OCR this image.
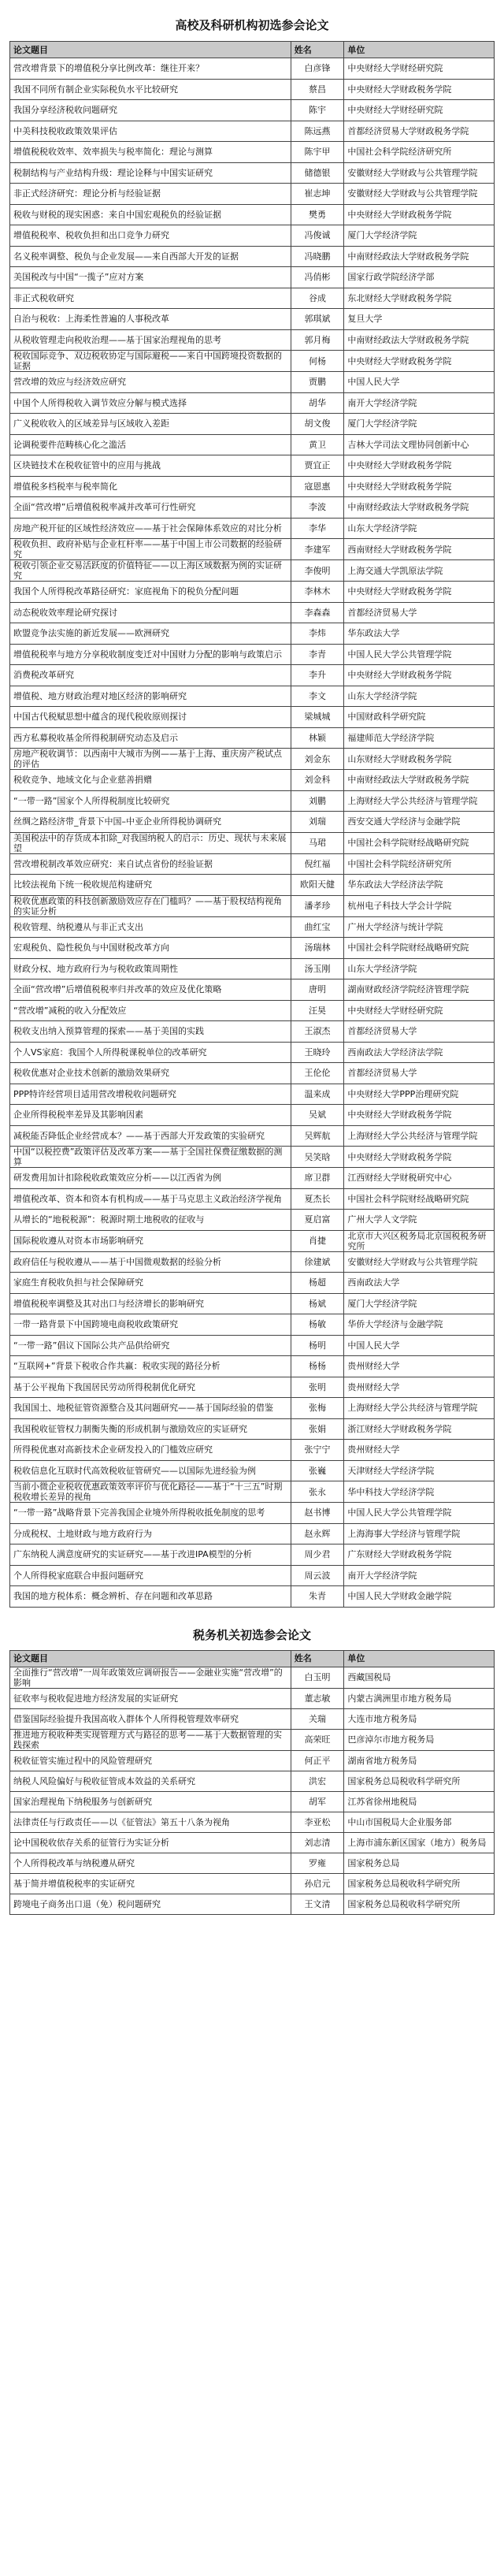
高校及科研机构初选参会论文
论文题目	姓名	单位
营改增背景下的增值税分享比例改革：继往开来？	白彦锋	中央财经大学财经研究院
我国不同所有制企业实际税负水平比较研究	蔡昌	中央财经大学财政税务学院
我国分享经济税收问题研究	陈宇	中央财经大学财经研究院
中美科技税收政策效果评估	陈远燕	首都经济贸易大学财政税务学院
增值税税收效率、效率损失与税率简化：理论与测算	陈宇甲	中国社会科学院经济研究所
税制结构与产业结构升级：理论诠释与中国实证研究	储德银	安徽财经大学财政与公共管理学院
非正式经济研究：理论分析与经验证据	崔志坤	安徽财经大学财政与公共管理学院
税收与财税的现实困惑：来自中国宏观税负的经验证据	樊勇	中央财经大学财政税务学院
增值税税率、税收负担和出口竞争力研究	冯俊诚	厦门大学经济学院
名义税率调整、税负与企业发展——来自西部大开发的证据	冯晓鹏	中南财经政法大学财政税务学院
美国税改与中国“一揽子”应对方案	冯俏彬	国家行政学院经济学部
非正式税收研究	谷成	东北财经大学财政税务学院
自治与税收：上海柔性普遍的人事税改革	郭琪斌	复旦大学
从税收管理走向税收治理——基于国家治理视角的思考	郭月梅	中南财经政法大学财政税务学院
税收国际竞争、双边税收协定与国际避税——来自中国跨境投资数据的证据	何杨	中央财经大学财政税务学院
营改增的效应与经济效应研究	贾鹏	中国人民大学
中国个人所得税收入调节效应分解与模式选择	胡华	南开大学经济学院
广义税收收入的区域差异与区域收入差距	胡文俊	厦门大学经济学院
论调税要件范畴核心化之滥活	黄卫	吉林大学司法文理协同创新中心
区块链技术在税收征管中的应用与挑战	贾宜正	中央财经大学财政税务学院
增值税多档税率与税率简化	寇恩惠	中央财经大学财政税务学院
全面“营改增”后增值税税率减并改革可行性研究	李波	中南财经政法大学财政税务学院
房地产税开征的区域性经济效应——基于社会保障体系效应的对比分析	李华	山东大学经济学院
税收负担、政府补贴与企业杠杆率——基于中国上市公司数据的经验研究	李建军	西南财经大学财政税务学院
税收引领企业交易活跃度的价值特征——以上海区域数据为例的实证研究	李俊明	上海交通大学凯原法学院
我国个人所得税改革路径研究：家庭视角下的税负分配问题	李林木	中央财经大学财政税务学院
动态税收效率理论研究探讨	李森森	首都经济贸易大学
欧盟竞争法实施的新近发展——欧洲研究	李炜	华东政法大学
增值税税率与地方分享税收制度变迁对中国财力分配的影响与政策启示	李青	中国人民大学公共管理学院
消费税改革研究	李升	中央财经大学财政税务学院
增值税、地方财政治理对地区经济的影响研究	李文	山东大学经济学院
中国古代税赋思想中蕴含的现代税收原则探讨	梁城城	中国财政科学研究院
西方私募税收基金所得税制研究动态及启示	林颖	福建师范大学经济学院
房地产税收调节：以西南中大城市为例——基于上海、重庆房产税试点的评估	刘金东	山东财经大学财政税务学院
税收竞争、地域文化与企业慈善捐赠	刘金科	中南财经政法大学财政税务学院
“一带一路”国家个人所得税制度比较研究	刘鹏	上海财经大学公共经济与管理学院
丝绸之路经济带_背景下中国–中亚企业所得税协调研究	刘瑞	西安交通大学经济与金融学院
美国税法中的存货成本扣除_对我国纳税人的启示：历史、现状与未来展望	马珺	中国社会科学院财经战略研究院
营改增税制改革效应研究：来自试点省份的经验证据	倪红福	中国社会科学院经济研究所
比较法视角下统一税收规范构建研究	欧阳天健	华东政法大学经济法学院
税收优惠政策的科技创新激励效应存在门槛吗？——基于股权结构视角的实证分析	潘孝珍	杭州电子科技大学会计学院
税收管理、纳税遵从与非正式支出	曲红宝	广州大学经济与统计学院
宏观税负、隐性税负与中国财税改革方向	汤瑞林	中国社会科学院财经战略研究院
财政分权、地方政府行为与税收政策周期性	汤玉刚	山东大学经济学院
全面“营改增”后增值税税率归并改革的效应及优化策略	唐明	湖南财政经济学院经济管理学院
“营改增”减税的收入分配效应	汪昊	中央财经大学财经研究院
税收支出纳入预算管理的探索——基于美国的实践	王淑杰	首都经济贸易大学
个人VS家庭：我国个人所得税课税单位的改革研究	王晓玲	西南政法大学经济法学院
税收优惠对企业技术创新的激励效果研究	王伦伦	首都经济贸易大学
PPP特许经营项目适用营改增税收问题研究	温来成	中央财经大学PPP治理研究院
企业所得税税率差异及其影响因素	吴斌	中央财经大学财政税务学院
减税能否降低企业经营成本？——基于西部大开发政策的实验研究	吴辉航	上海财经大学公共经济与管理学院
中国“以税控费”政策评估及改革方案——基于全国社保费征缴数据的测算	吴笑晗	中央财经大学财政税务学院
研发费用加计扣除税收政策效应分析——以江西省为例	席卫群	江西财经大学财税研究中心
增值税改革、资本和资本有机构成——基于马克思主义政治经济学视角	夏杰长	中国社会科学院财经战略研究院
从增长的“地税税源”：税源时期土地税收的征收与	夏启富	广州大学人文学院
国际税收遵从对资本市场影响研究	肖捷	北京市大兴区税务局北京国税税务研究所
政府信任与税收遵从——基于中国微观数据的经验分析	徐建斌	安徽财经大学财政与公共管理学院
家庭生育税收负担与社会保障研究	杨超	西南政法大学
增值税税率调整及其对出口与经济增长的影响研究	杨斌	厦门大学经济学院
一带一路背景下中国跨境电商税收政策研究	杨敏	华侨大学经济与金融学院
“一带一路”倡议下国际公共产品供给研究	杨明	中国人民大学
“互联网+”背景下税收合作共赢：税收实现的路径分析	杨杨	贵州财经大学
基于公平视角下我国居民劳动所得税制优化研究	张明	贵州财经大学
我国国土、地税征管资源整合及其问题研究——基于国际经验的借鉴	张梅	上海财经大学公共经济与管理学院
我国税收征管权力制衡失衡的形成机制与激励效应的实证研究	张娟	浙江财经大学财政税务学院
所得税优惠对高新技术企业研发投入的门槛效应研究	张宁宁	贵州财经大学
税收信息化互联时代高效税收征管研究——以国际先进经验为例	张巍	天津财经大学经济学院
当前小微企业税收优惠政策效率评价与优化路径——基于“十三五”时期税收增长差异的视角	张永	华中科技大学经济学院
“一带一路”战略背景下完善我国企业境外所得税收抵免制度的思考	赵书博	中国人民大学公共管理学院
分成税权、土地财政与地方政府行为	赵永辉	上海海事大学经济与管理学院
广东纳税人满意度研究的实证研究——基于改进IPA模型的分析	周少君	广东财经大学财政税务学院
个人所得税家庭联合申报问题研究	周云波	南开大学经济学院
我国的地方税体系：概念辨析、存在问题和改革思路	朱青	中国人民大学财政金融学院
税务机关初选参会论文
论文题目	姓名	单位
全面推行“营改增”一周年政策效应调研报告——金融业实施“营改增”的影响	白玉明	西藏国税局
征收率与税收促进地方经济发展的实证研究	董志敏	内蒙古满洲里市地方税务局
借鉴国际经验提升我国高收入群体个人所得税管理效率研究	关瑞	大连市地方税务局
推进地方税收种类实现管理方式与路径的思考——基于大数据管理的实践探索	高荣旺	巴彦淖尔市地方税务局
税收征管实施过程中的风险管理研究	何正平	湖南省地方税务局
纳税人风险偏好与税收征管成本效益的关系研究	洪宏	国家税务总局税收科学研究所
国家治理视角下纳税服务与创新研究	胡军	江苏省徐州地税局
法律责任与行政责任——以《征管法》第五十八条为视角	李亚松	中山市国税局大企业服务部
论中国税收依存关系的征管行为实证分析	刘志清	上海市浦东新区国家（地方）税务局
个人所得税改革与纳税遵从研究	罗雍	国家税务总局
基于简并增值税税率的实证研究	孙启元	国家税务总局税收科学研究所
跨境电子商务出口退（免）税问题研究	王文清	国家税务总局税收科学研究所
